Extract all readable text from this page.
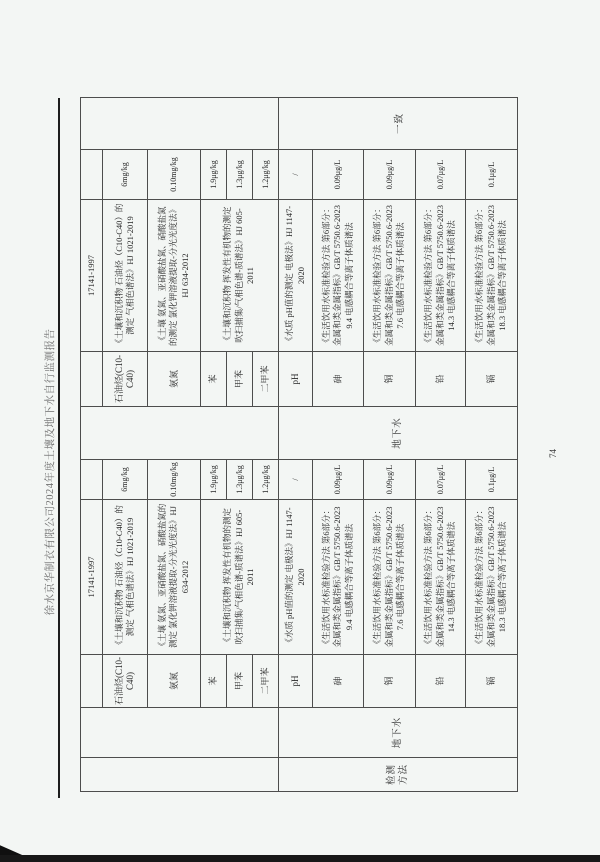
徐水京华制衣有限公司2024年度土壤及地下水自行监测报告
				17141-1997				17141-1997		
		石油烃(C10-C40)	《土壤和沉积物 石油烃（C10-C40）的测定 气相色谱法》HJ 1021-2019	6mg/kg		石油烃(C10-C40)	《土壤和沉积物 石油烃（C10-C40）的测定 气相色谱法》HJ 1021-2019	6mg/kg	
		氨氮	《土壤 氨氮、亚硝酸盐氮、硝酸盐氮的测定 氯化钾溶液提取-分光光度法》HJ 634-2012	0.10mg/kg		氨氮	《土壤 氨氮、亚硝酸盐氮、硝酸盐氮的测定 氯化钾溶液提取-分光光度法》HJ 634-2012	0.10mg/kg	
		苯	《土壤和沉积物 挥发性有机物的测定 吹扫捕集/气相色谱-质谱法》HJ 605-2011	1.9μg/kg		苯	《土壤和沉积物 挥发性有机物的测定 吹扫捕集/气相色谱-质谱法》HJ 605-2011	1.9μg/kg	
		甲苯		1.3μg/kg		甲苯		1.3μg/kg	
		二甲苯		1.2μg/kg		二甲苯		1.2μg/kg	
检测方法	地下水	pH	《水质 pH值的测定 电极法》HJ 1147-2020	/	地下水	pH	《水质 pH值的测定 电极法》HJ 1147-2020	/	一致
		砷	《生活饮用水标准检验方法 第6部分：金属和类金属指标》GB/T 5750.6-2023 9.4 电感耦合等离子体质谱法	0.09μg/L		砷	《生活饮用水标准检验方法 第6部分：金属和类金属指标》GB/T 5750.6-2023 9.4 电感耦合等离子体质谱法	0.09μg/L	
		铜	《生活饮用水标准检验方法 第6部分：金属和类金属指标》GB/T 5750.6-2023 7.6 电感耦合等离子体质谱法	0.09μg/L		铜	《生活饮用水标准检验方法 第6部分：金属和类金属指标》GB/T 5750.6-2023 7.6 电感耦合等离子体质谱法	0.09μg/L	
		铅	《生活饮用水标准检验方法 第6部分：金属和类金属指标》GB/T 5750.6-2023 14.3 电感耦合等离子体质谱法	0.07μg/L		铅	《生活饮用水标准检验方法 第6部分：金属和类金属指标》GB/T 5750.6-2023 14.3 电感耦合等离子体质谱法	0.07μg/L	
		镉	《生活饮用水标准检验方法 第6部分：金属和类金属指标》GB/T 5750.6-2023 18.3 电感耦合等离子体质谱法	0.1μg/L		镉	《生活饮用水标准检验方法 第6部分：金属和类金属指标》GB/T 5750.6-2023 18.3 电感耦合等离子体质谱法	0.1μg/L	
74
